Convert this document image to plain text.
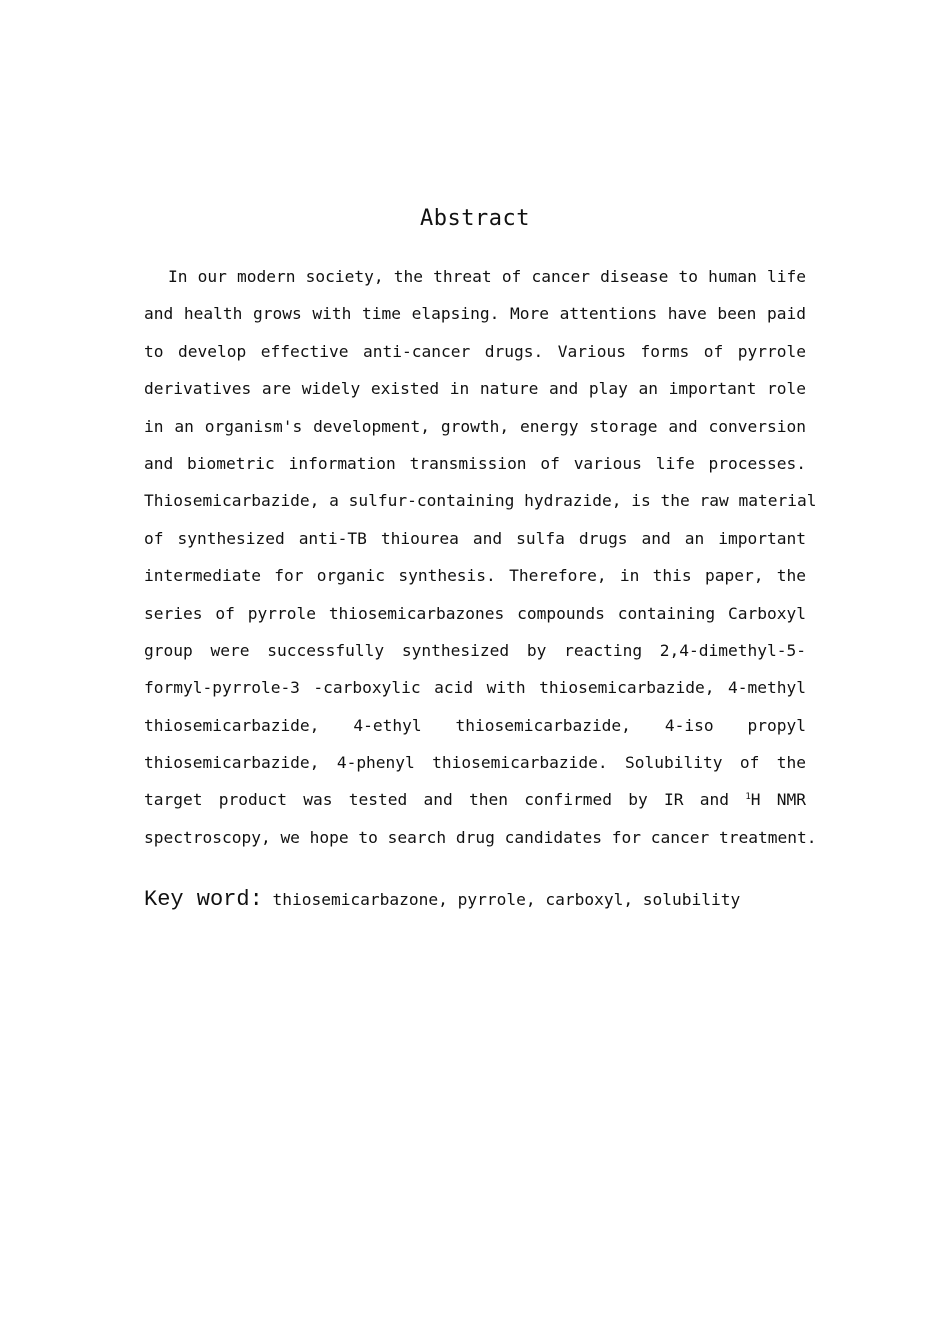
Abstract
In our modern society, the threat of cancer disease to human life
and health grows with time elapsing. More attentions have been paid
to develop effective anti-cancer drugs. Various forms of pyrrole
derivatives are widely existed in nature and play an important role
in an organism's development, growth, energy storage and conversion
and biometric information transmission of various life processes.
Thiosemicarbazide, a sulfur-containing hydrazide, is the raw material
of synthesized anti-TB thiourea and sulfa drugs and an important
intermediate for organic synthesis. Therefore, in this paper, the
series of pyrrole thiosemicarbazones compounds containing Carboxyl
group were successfully synthesized by reacting 2,4-dimethyl-5-
formyl-pyrrole-3 -carboxylic acid with thiosemicarbazide, 4-methyl
thiosemicarbazide, 4-ethyl thiosemicarbazide, 4-iso propyl
thiosemicarbazide, 4-phenyl thiosemicarbazide. Solubility of the
target product was tested and then confirmed by IR and $^1$H NMR
spectroscopy, we hope to search drug candidates for cancer treatment.
Key word: thiosemicarbazone, pyrrole, carboxyl, solubility
